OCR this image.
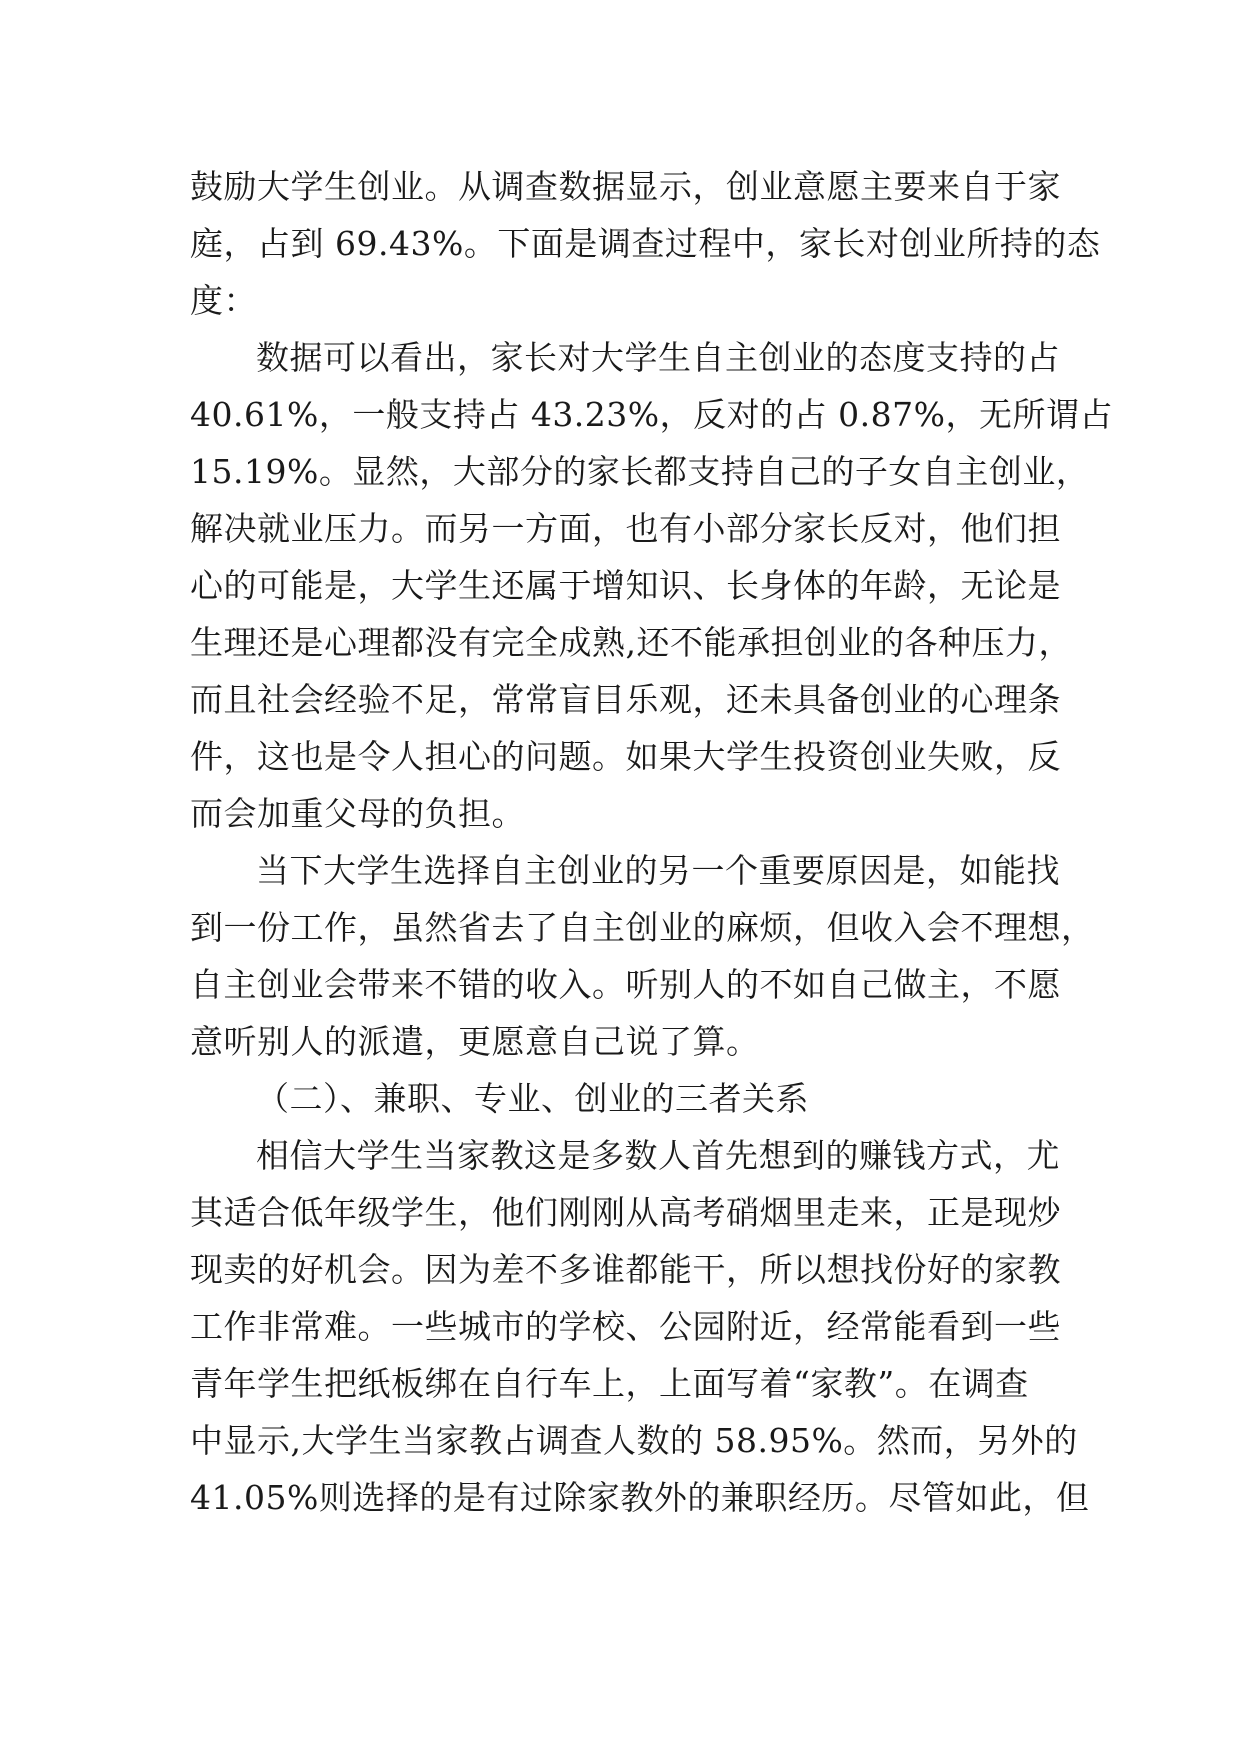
鼓励大学生创业。从调查数据显示，创业意愿主要来自于家
庭，占到 69.43%。下面是调查过程中，家长对创业所持的态
度：
数据可以看出，家长对大学生自主创业的态度支持的占
40.61%，一般支持占 43.23%，反对的占 0.87%，无所谓占
15.19%。显然，大部分的家长都支持自己的子女自主创业，
解决就业压力。而另一方面，也有小部分家长反对，他们担
心的可能是，大学生还属于增知识、长身体的年龄，无论是
生理还是心理都没有完全成熟,还不能承担创业的各种压力，
而且社会经验不足，常常盲目乐观，还未具备创业的心理条
件，这也是令人担心的问题。如果大学生投资创业失败，反
而会加重父母的负担。
当下大学生选择自主创业的另一个重要原因是，如能找
到一份工作，虽然省去了自主创业的麻烦，但收入会不理想，
自主创业会带来不错的收入。听别人的不如自己做主，不愿
意听别人的派遣，更愿意自己说了算。
（二）、兼职、专业、创业的三者关系
相信大学生当家教这是多数人首先想到的赚钱方式，尤
其适合低年级学生，他们刚刚从高考硝烟里走来，正是现炒
现卖的好机会。因为差不多谁都能干，所以想找份好的家教
工作非常难。一些城市的学校、公园附近，经常能看到一些
青年学生把纸板绑在自行车上，上面写着“家教”。在调查
中显示,大学生当家教占调查人数的 58.95%。然而，另外的
41.05%则选择的是有过除家教外的兼职经历。尽管如此，但
